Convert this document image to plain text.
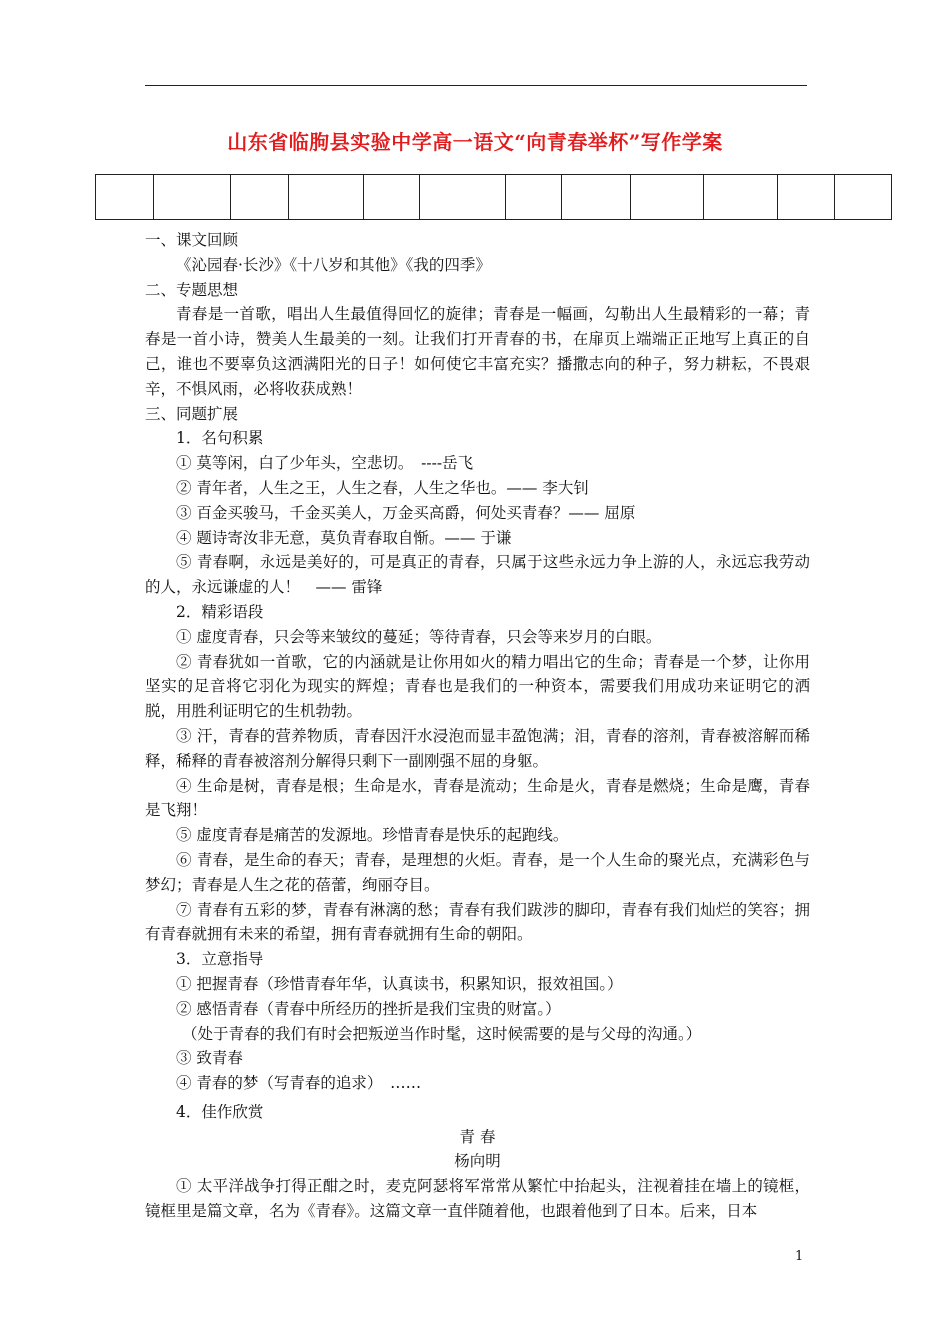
山东省临朐县实验中学高一语文“向青春举杯”写作学案

一、课文回顾

《沁园春·长沙》《十八岁和其他》《我的四季》

二、专题思想

青春是一首歌，唱出人生最值得回忆的旋律；青春是一幅画，勾勒出人生最精彩的一幕；青春是一首小诗，赞美人生最美的一刻。让我们打开青春的书，在扉页上端端正正地写上真正的自己，谁也不要辜负这洒满阳光的日子！如何使它丰富充实？播撒志向的种子，努力耕耘，不畏艰辛，不惧风雨，必将收获成熟！

三、同题扩展

1．名句积累

① 莫等闲，白了少年头，空悲切。　----岳飞

② 青年者，人生之王，人生之春，人生之华也。—— 李大钊

③ 百金买骏马，千金买美人，万金买高爵，何处买青春？—— 屈原

④ 题诗寄汝非无意，莫负青春取自惭。—— 于谦

⑤ 青春啊，永远是美好的，可是真正的青春，只属于这些永远力争上游的人，永远忘我劳动的人，永远谦虚的人！　—— 雷锋

2．精彩语段

① 虚度青春，只会等来皱纹的蔓延；等待青春，只会等来岁月的白眼。

② 青春犹如一首歌，它的内涵就是让你用如火的精力唱出它的生命；青春是一个梦，让你用坚实的足音将它羽化为现实的辉煌；青春也是我们的一种资本，需要我们用成功来证明它的洒脱，用胜利证明它的生机勃勃。

③ 汗，青春的营养物质，青春因汗水浸泡而显丰盈饱满；泪，青春的溶剂，青春被溶解而稀释，稀释的青春被溶剂分解得只剩下一副刚强不屈的身躯。

④ 生命是树，青春是根；生命是水，青春是流动；生命是火，青春是燃烧；生命是鹰，青春是飞翔！

⑤ 虚度青春是痛苦的发源地。珍惜青春是快乐的起跑线。

⑥ 青春，是生命的春天；青春，是理想的火炬。青春，是一个人生命的聚光点，充满彩色与梦幻；青春是人生之花的蓓蕾，绚丽夺目。

⑦ 青春有五彩的梦，青春有淋漓的愁；青春有我们跋涉的脚印，青春有我们灿烂的笑容；拥有青春就拥有未来的希望，拥有青春就拥有生命的朝阳。

3．立意指导

① 把握青春（珍惜青春年华，认真读书，积累知识，报效祖国。）

② 感悟青春（青春中所经历的挫折是我们宝贵的财富。）

（处于青春的我们有时会把叛逆当作时髦，这时候需要的是与父母的沟通。）

③ 致青春

④ 青春的梦（写青春的追求）　……

4．佳作欣赏

青 春

杨向明

① 太平洋战争打得正酣之时，麦克阿瑟将军常常从繁忙中抬起头，注视着挂在墙上的镜框，镜框里是篇文章，名为《青春》。这篇文章一直伴随着他，也跟着他到了日本。后来，日本

1
